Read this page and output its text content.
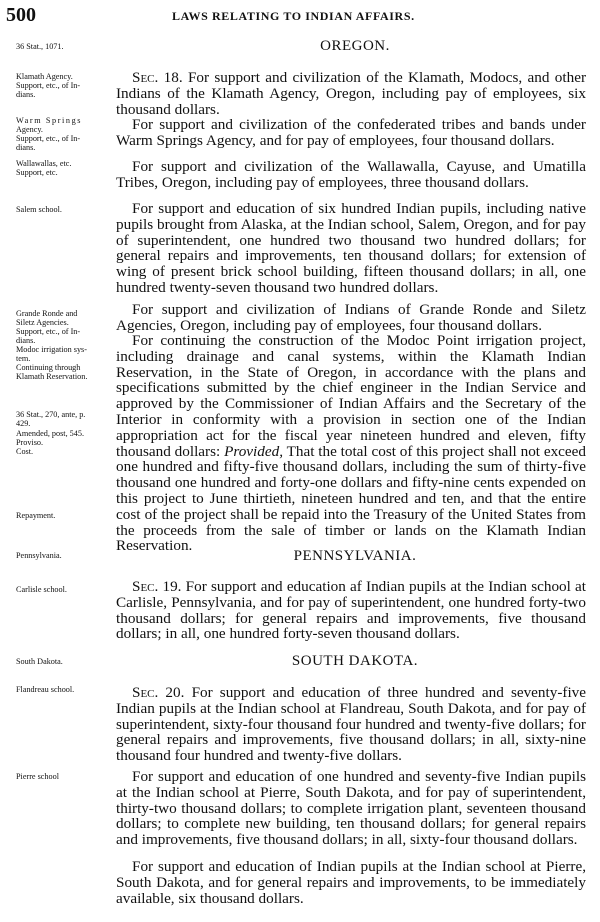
500	LAWS RELATING TO INDIAN AFFAIRS.
36 Stat., 1071.
Klamath Agency.
Support, etc., of In-
dians.
Warm Springs
Agency.
Support, etc., of In-
dians.
Wallawallas, etc.
Support, etc.
Salem school.
Grande Ronde and
Siletz Agencies.
Support, etc., of In-
dians.
Modoc irrigation sys-
tem.
Continuing through
Klamath Reservation.
36 Stat., 270, ante, p.
429.
Amended, post, 545.
Proviso.
Cost.
Repayment.
Pennsylvania.
Carlisle school.
South Dakota.
Flandreau school.
Pierre school
OREGON.
PENNSYLVANIA.
SOUTH DAKOTA.
Sec. 18. For support and civilization of the Klamath, Modocs, and other Indians of the Klamath Agency, Oregon, including pay of employees, six thousand dollars.
For support and civilization of the confederated tribes and bands under Warm Springs Agency, and for pay of employees, four thousand dollars.
For support and civilization of the Wallawalla, Cayuse, and Umatilla Tribes, Oregon, including pay of employees, three thousand dollars.
For support and education of six hundred Indian pupils, including native pupils brought from Alaska, at the Indian school, Salem, Oregon, and for pay of superintendent, one hundred two thousand two hundred dollars; for general repairs and improvements, ten thousand dollars; for extension of wing of present brick school building, fifteen thousand dollars; in all, one hundred twenty-seven thousand two hundred dollars.
For support and civilization of Indians of Grande Ronde and Siletz Agencies, Oregon, including pay of employees, four thousand dollars.
For continuing the construction of the Modoc Point irrigation project, including drainage and canal systems, within the Klamath Indian Reservation, in the State of Oregon, in accordance with the plans and specifications submitted by the chief engineer in the Indian Service and approved by the Commissioner of Indian Affairs and the Secretary of the Interior in conformity with a provision in section one of the Indian appropriation act for the fiscal year nineteen hundred and eleven, fifty thousand dollars: Provided, That the total cost of this project shall not exceed one hundred and fifty-five thousand dollars, including the sum of thirty-five thousand one hundred and forty-one dollars and fifty-nine cents expended on this project to June thirtieth, nineteen hundred and ten, and that the entire cost of the project shall be repaid into the Treasury of the United States from the proceeds from the sale of timber or lands on the Klamath Indian Reservation.
Sec. 19. For support and education af Indian pupils at the Indian school at Carlisle, Pennsylvania, and for pay of superintendent, one hundred forty-two thousand dollars; for general repairs and improvements, five thousand dollars; in all, one hundred forty-seven thousand dollars.
Sec. 20. For support and education of three hundred and seventy-five Indian pupils at the Indian school at Flandreau, South Dakota, and for pay of superintendent, sixty-four thousand four hundred and twenty-five dollars; for general repairs and improvements, five thousand dollars; in all, sixty-nine thousand four hundred and twenty-five dollars.
For support and education of one hundred and seventy-five Indian pupils at the Indian school at Pierre, South Dakota, and for pay of superintendent, thirty-two thousand dollars; to complete irrigation plant, seventeen thousand dollars; to complete new building, ten thousand dollars; for general repairs and improvements, five thousand dollars; in all, sixty-four thousand dollars.
For support and education of Indian pupils at the Indian school at Pierre, South Dakota, and for general repairs and improvements, to be immediately available, six thousand dollars.
